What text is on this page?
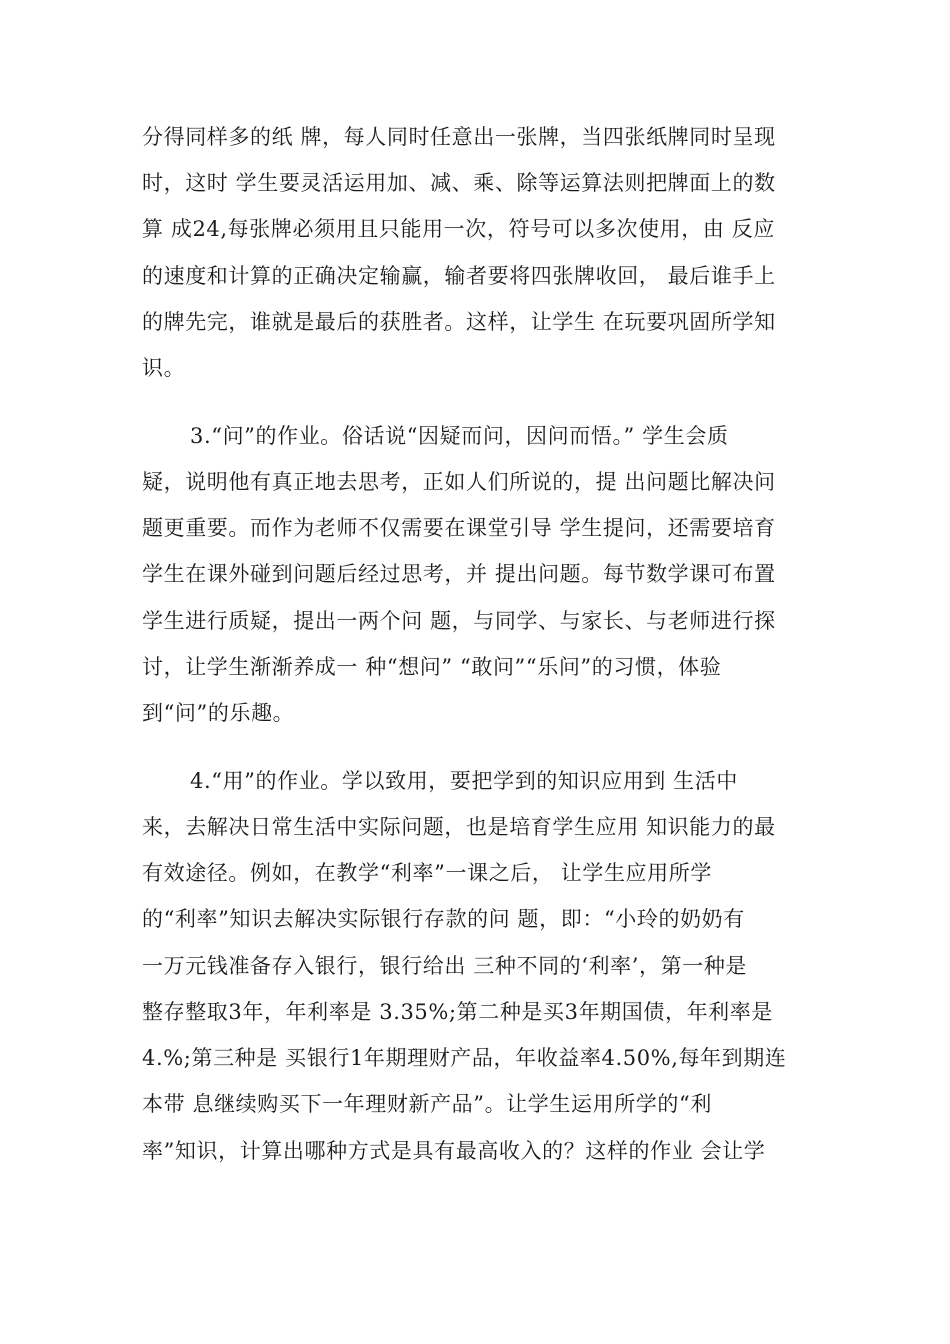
分得同样多的纸 牌，每人同时任意出一张牌，当四张纸牌同时呈现
时，这时 学生要灵活运用加、减、乘、除等运算法则把牌面上的数
算 成24,每张牌必须用且只能用一次，符号可以多次使用，由 反应
的速度和计算的正确决定输赢，输者要将四张牌收回， 最后谁手上
的牌先完，谁就是最后的获胜者。这样，让学生 在玩要巩固所学知
识。
3.“问”的作业。俗话说“因疑而问，因问而悟。” 学生会质
疑，说明他有真正地去思考，正如人们所说的，提 出问题比解决问
题更重要。而作为老师不仅需要在课堂引导 学生提问，还需要培育
学生在课外碰到问题后经过思考，并 提出问题。每节数学课可布置
学生进行质疑，提出一两个问 题，与同学、与家长、与老师进行探
讨，让学生渐渐养成一 种“想问” “敢问”“乐问”的习惯，体验
到“问”的乐趣。
4.“用”的作业。学以致用，要把学到的知识应用到 生活中
来，去解决日常生活中实际问题，也是培育学生应用 知识能力的最
有效途径。例如，在教学“利率”一课之后， 让学生应用所学
的“利率”知识去解决实际银行存款的问 题，即：“小玲的奶奶有
一万元钱准备存入银行，银行给出 三种不同的‘利率’，第一种是
整存整取3年，年利率是 3.35%;第二种是买3年期国债，年利率是
4.%;第三种是 买银行1年期理财产品，年收益率4.50%,每年到期连
本带 息继续购买下一年理财新产品”。让学生运用所学的“利
率”知识，计算出哪种方式是具有最高收入的？这样的作业 会让学
